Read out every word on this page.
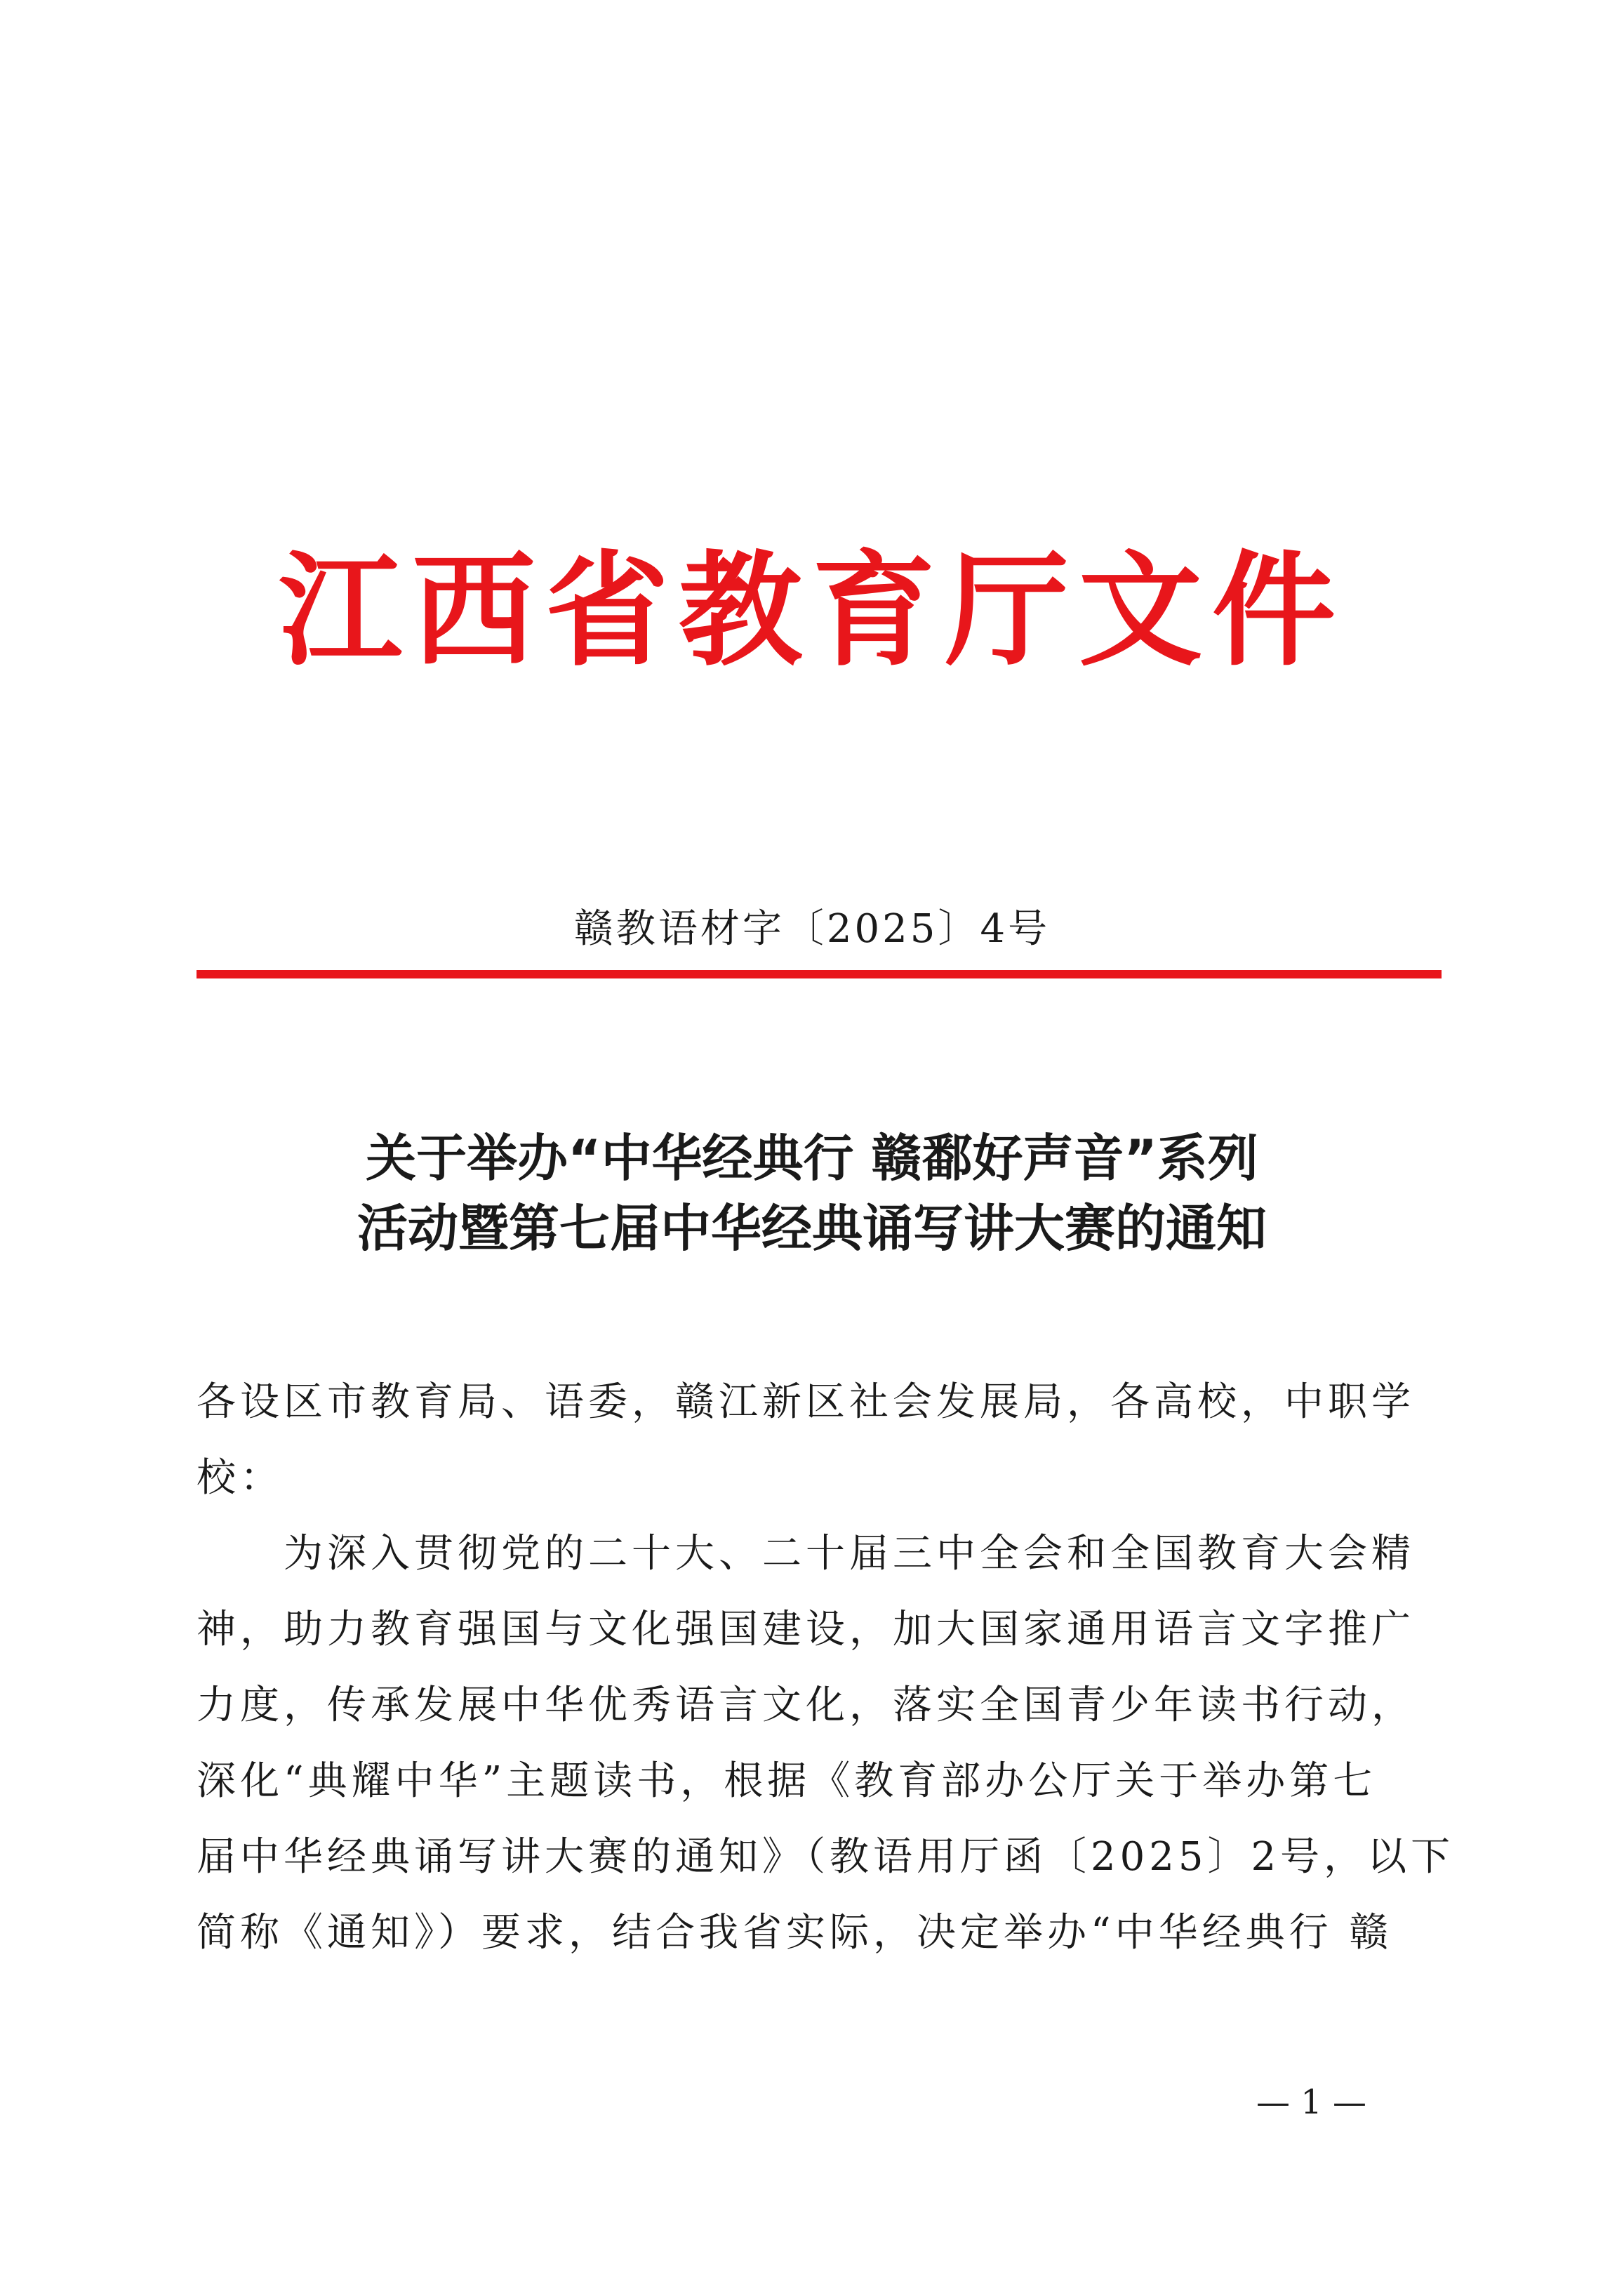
江西省教育厅文件
赣教语材字〔2025〕4号
关于举办“中华经典行 赣鄱好声音”系列
活动暨第七届中华经典诵写讲大赛的通知
各设区市教育局、语委，赣江新区社会发展局，各高校，中职学
校：
　　为深入贯彻党的二十大、二十届三中全会和全国教育大会精
神，助力教育强国与文化强国建设，加大国家通用语言文字推广
力度，传承发展中华优秀语言文化，落实全国青少年读书行动，
深化“典耀中华”主题读书，根据《教育部办公厅关于举办第七
届中华经典诵写讲大赛的通知》（教语用厅函〔2025〕2号，以下
简称《通知》）要求，结合我省实际，决定举办“中华经典行 赣
— 1 —
